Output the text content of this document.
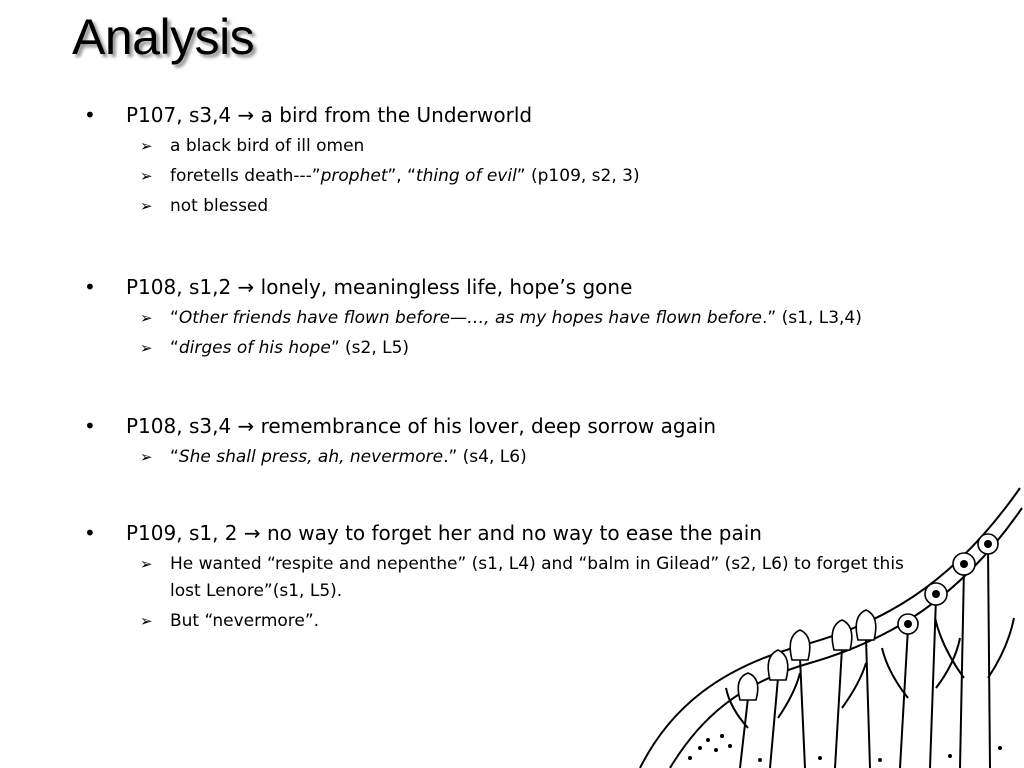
Analysis
• P107, s3,4 → a bird from the Underworld
➢ a black bird of ill omen
➢ foretells death---”prophet”, “thing of evil” (p109, s2, 3)
➢ not blessed
• P108, s1,2 → lonely, meaningless life, hope’s gone
➢ “Other friends have flown before—…, as my hopes have flown before.” (s1, L3,4)
➢ “dirges of his hope” (s2, L5)
• P108, s3,4 → remembrance of his lover, deep sorrow again
➢ “She shall press, ah, nevermore.” (s4, L6)
• P109, s1, 2 → no way to forget her and no way to ease the pain
➢ He wanted “respite and nepenthe” (s1, L4) and “balm in Gilead” (s2, L6) to forget this lost Lenore”(s1, L5).
➢ But “nevermore”.
